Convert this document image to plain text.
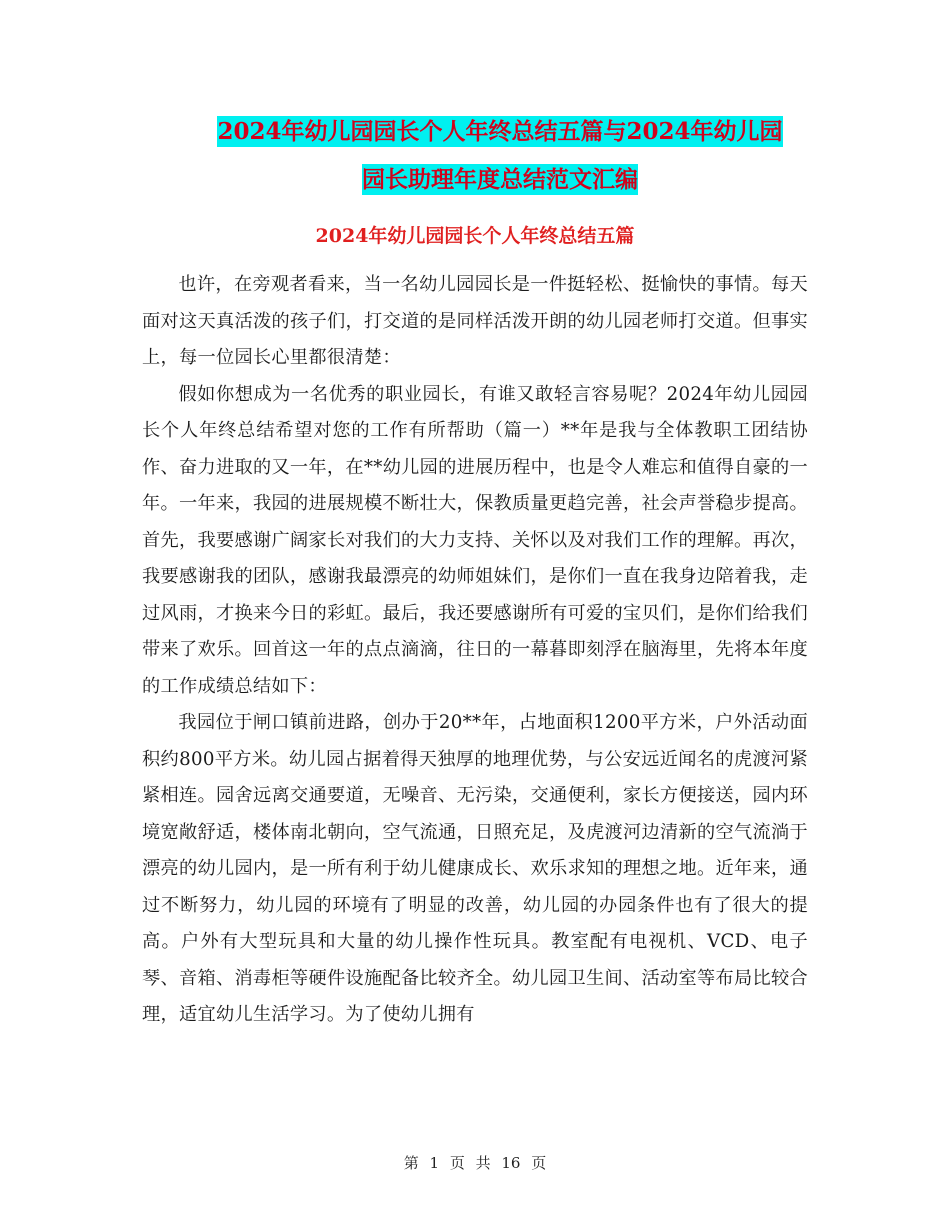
2024年幼儿园园长个人年终总结五篇与2024年幼儿园
园长助理年度总结范文汇编
2024年幼儿园园长个人年终总结五篇

也许，在旁观者看来，当一名幼儿园园长是一件挺轻松、挺愉快的事情。每天面对这天真活泼的孩子们，打交道的是同样活泼开朗的幼儿园老师打交道。但事实上，每一位园长心里都很清楚：

假如你想成为一名优秀的职业园长，有谁又敢轻言容易呢？2024年幼儿园园长个人年终总结希望对您的工作有所帮助（篇一）**年是我与全体教职工团结协作、奋力进取的又一年，在**幼儿园的进展历程中，也是令人难忘和值得自豪的一年。一年来，我园的进展规模不断壮大，保教质量更趋完善，社会声誉稳步提高。首先，我要感谢广阔家长对我们的大力支持、关怀以及对我们工作的理解。再次，我要感谢我的团队，感谢我最漂亮的幼师姐妹们，是你们一直在我身边陪着我，走过风雨，才换来今日的彩虹。最后，我还要感谢所有可爱的宝贝们，是你们给我们带来了欢乐。回首这一年的点点滴滴，往日的一幕暮即刻浮在脑海里，先将本年度的工作成绩总结如下：

我园位于闸口镇前进路，创办于20**年，占地面积1200平方米，户外活动面积约800平方米。幼儿园占据着得天独厚的地理优势，与公安远近闻名的虎渡河紧紧相连。园舍远离交通要道，无噪音、无污染，交通便利，家长方便接送，园内环境宽敞舒适，楼体南北朝向，空气流通，日照充足，及虎渡河边清新的空气流淌于漂亮的幼儿园内，是一所有利于幼儿健康成长、欢乐求知的理想之地。近年来，通过不断努力，幼儿园的环境有了明显的改善，幼儿园的办园条件也有了很大的提高。户外有大型玩具和大量的幼儿操作性玩具。教室配有电视机、VCD、电子琴、音箱、消毒柜等硬件设施配备比较齐全。幼儿园卫生间、活动室等布局比较合理，适宜幼儿生活学习。为了使幼儿拥有

第 1 页 共 16 页
